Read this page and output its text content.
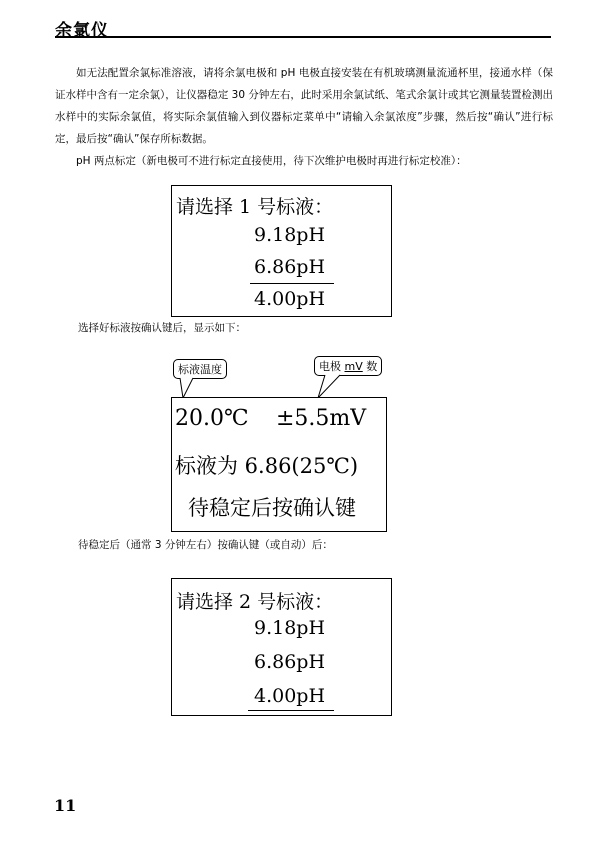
余氯仪

如无法配置余氯标准溶液，请将余氯电极和 pH 电极直接安装在有机玻璃测量流通杯里，接通水样（保证水样中含有一定余氯），让仪器稳定 30 分钟左右，此时采用余氯试纸、笔式余氯计或其它测量装置检测出水样中的实际余氯值，将实际余氯值输入到仪器标定菜单中“请输入余氯浓度”步骤，然后按“确认”进行标定，最后按“确认”保存所标数据。

pH 两点标定（新电极可不进行标定直接使用，待下次维护电极时再进行标定校准）：

请选择 1 号标液：
9.18pH
6.86pH
4.00pH
选择好标液按确认键后，显示如下：
标液温度	电极 mV 数
20.0℃ ±5.5mV
标液为 6.86(25℃)
待稳定后按确认键
待稳定后（通常 3 分钟左右）按确认键（或自动）后：
请选择 2 号标液：
9.18pH
6.86pH
4.00pH
11
